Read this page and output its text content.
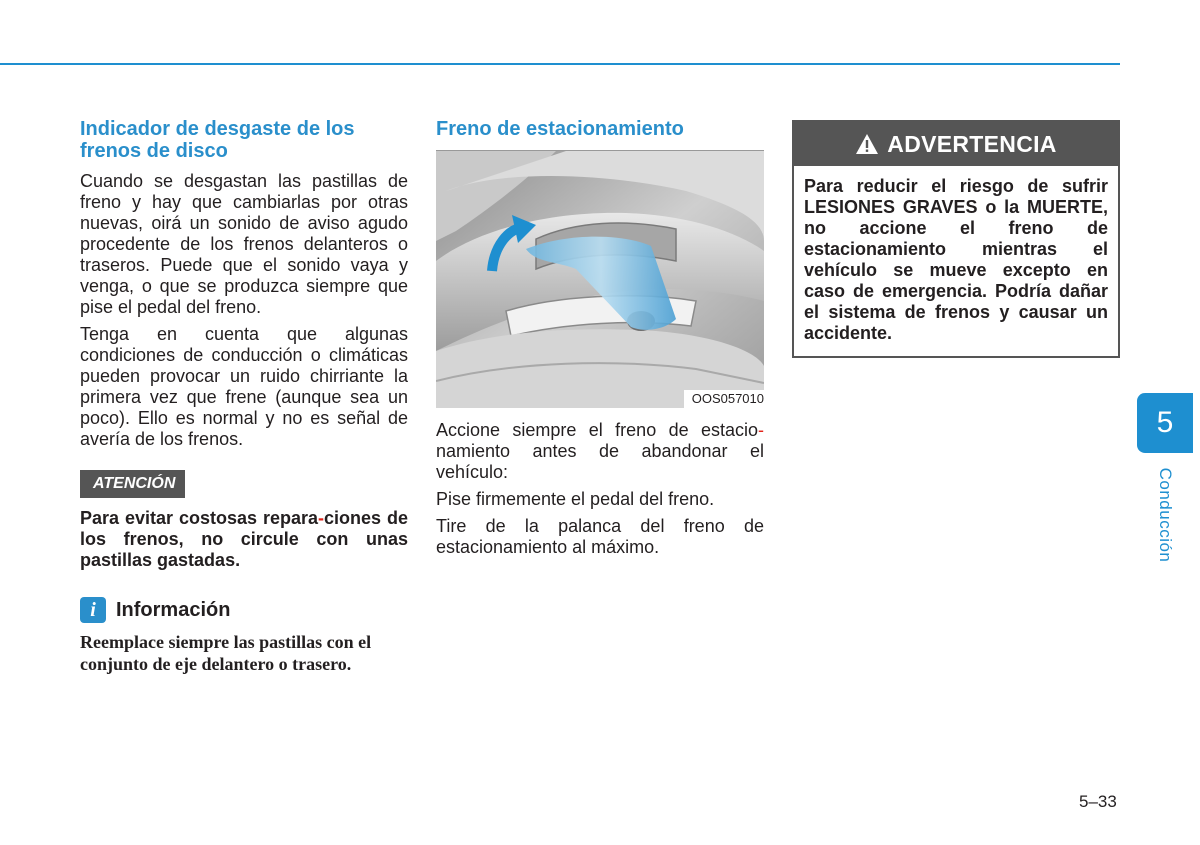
Indicador de desgaste de los frenos de disco

Cuando se desgastan las pastillas de freno y hay que cambiarlas por otras nuevas, oirá un sonido de aviso agudo procedente de los frenos delanteros o traseros. Puede que el sonido vaya y venga, o que se produzca siempre que pise el pedal del freno.

Tenga en cuenta que algunas condiciones de conducción o climáticas pueden provocar un ruido chirriante la primera vez que frene (aunque sea un poco). Ello es normal y no es señal de avería de los frenos.

ATENCIÓN

Para evitar costosas repara-ciones de los frenos, no circule con unas pastillas gastadas.

i	Información

Reemplace siempre las pastillas con el conjunto de eje delantero o trasero.

Freno de estacionamiento
OOS057010

Accione siempre el freno de estacio-namiento antes de abandonar el vehículo:

Pise firmemente el pedal del freno.

Tire de la palanca del freno de estacionamiento al máximo.

ADVERTENCIA
Para reducir el riesgo de sufrir LESIONES GRAVES o la MUERTE, no accione el freno de estacionamiento mientras el vehículo se mueve excepto en caso de emergencia. Podría dañar el sistema de frenos y causar un accidente.
5
Conducción
5–33
